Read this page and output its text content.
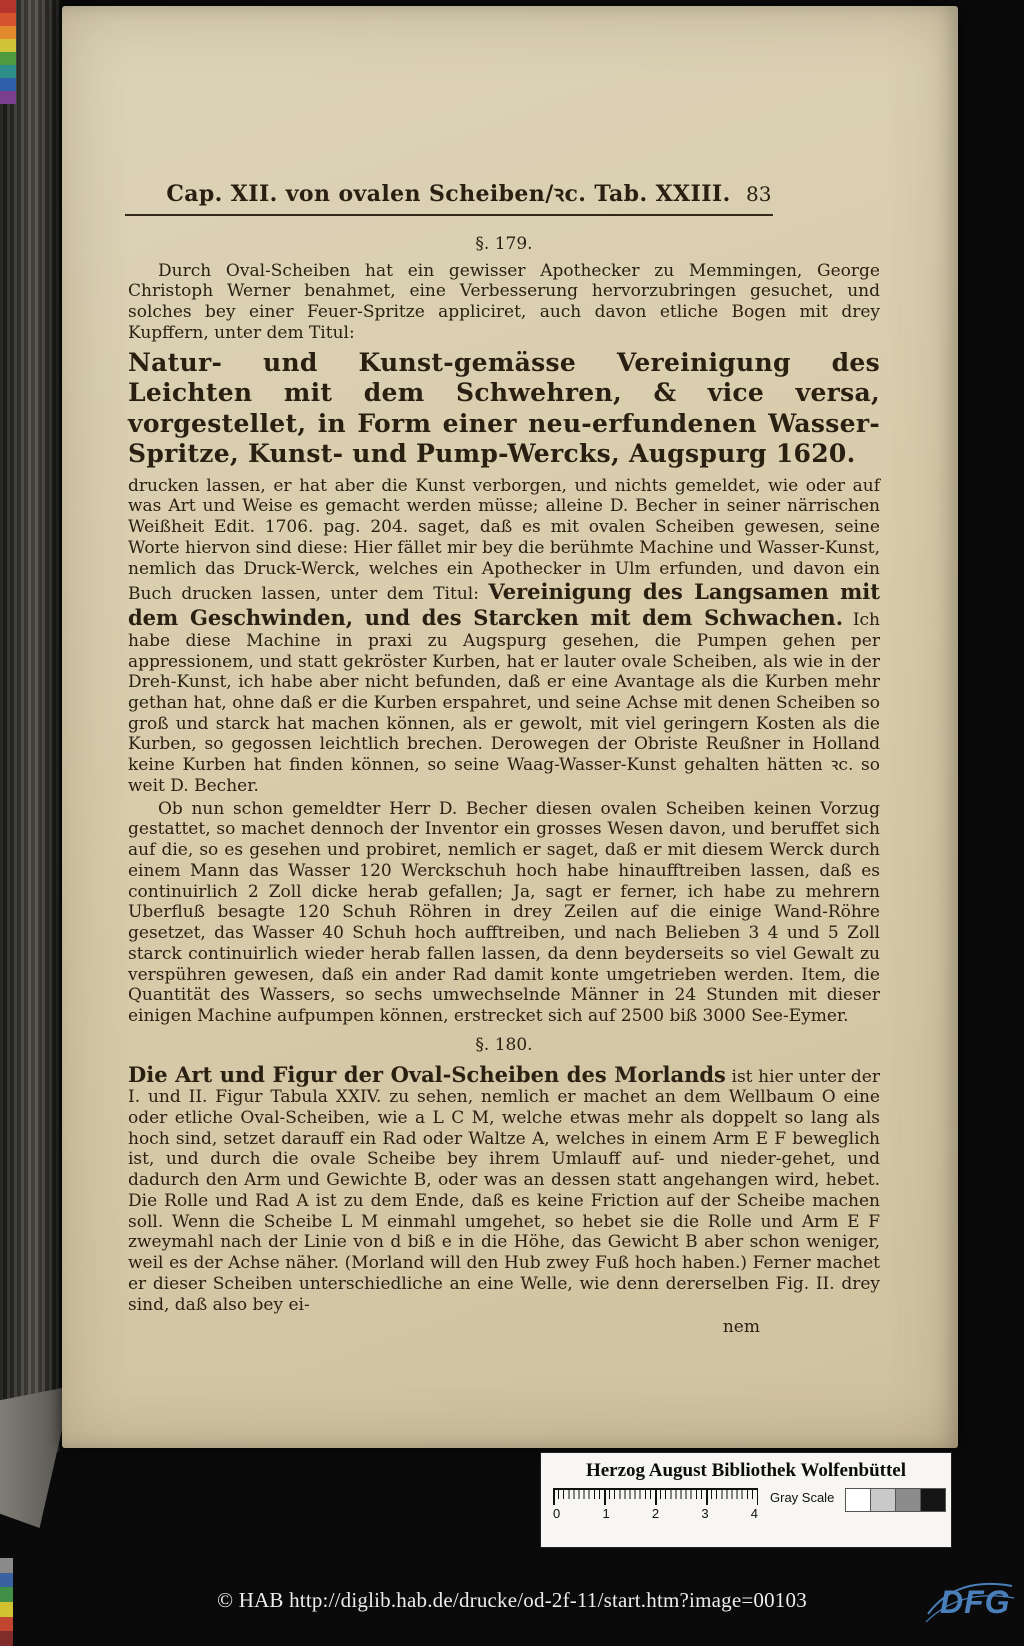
Cap. XII. von ovalen Scheiben/ꝛc. Tab. XXIII. 83
§. 179.

Durch Oval-Scheiben hat ein gewisser Apothecker zu Memmingen, George Christoph Werner benahmet, eine Verbesserung hervorzubringen gesuchet, und solches bey einer Feuer-Spritze appliciret, auch davon etliche Bogen mit drey Kupffern, unter dem Titul:

Natur- und Kunst-gemässe Vereinigung des Leichten mit dem Schwehren, & vice versa, vorgestellet, in Form einer neu-erfundenen Wasser-Spritze, Kunst- und Pump-Wercks, Augspurg 1620.

drucken lassen, er hat aber die Kunst verborgen, und nichts gemeldet, wie oder auf was Art und Weise es gemacht werden müsse; alleine D. Becher in seiner närrischen Weißheit Edit. 1706. pag. 204. saget, daß es mit ovalen Scheiben gewesen, seine Worte hiervon sind diese: Hier fället mir bey die berühmte Machine und Wasser-Kunst, nemlich das Druck-Werck, welches ein Apothecker in Ulm erfunden, und davon ein Buch drucken lassen, unter dem Titul: Vereinigung des Langsamen mit dem Geschwinden, und des Starcken mit dem Schwachen. Ich habe diese Machine in praxi zu Augspurg gesehen, die Pumpen gehen per appressionem, und statt gekröster Kurben, hat er lauter ovale Scheiben, als wie in der Dreh-Kunst, ich habe aber nicht befunden, daß er eine Avantage als die Kurben mehr gethan hat, ohne daß er die Kurben erspahret, und seine Achse mit denen Scheiben so groß und starck hat machen können, als er gewolt, mit viel geringern Kosten als die Kurben, so gegossen leichtlich brechen. Derowegen der Obriste Reußner in Holland keine Kurben hat finden können, so seine Waag-Wasser-Kunst gehalten hätten ꝛc. so weit D. Becher.

Ob nun schon gemeldter Herr D. Becher diesen ovalen Scheiben keinen Vorzug gestattet, so machet dennoch der Inventor ein grosses Wesen davon, und beruffet sich auf die, so es gesehen und probiret, nemlich er saget, daß er mit diesem Werck durch einem Mann das Wasser 120 Werckschuh hoch habe hinaufftreiben lassen, daß es continuirlich 2 Zoll dicke herab gefallen; Ja, sagt er ferner, ich habe zu mehrern Uberfluß besagte 120 Schuh Röhren in drey Zeilen auf die einige Wand-Röhre gesetzet, das Wasser 40 Schuh hoch aufftreiben, und nach Belieben 3 4 und 5 Zoll starck continuirlich wieder herab fallen lassen, da denn beyderseits so viel Gewalt zu verspühren gewesen, daß ein ander Rad damit konte umgetrieben werden. Item, die Quantität des Wassers, so sechs umwechselnde Männer in 24 Stunden mit dieser einigen Machine aufpumpen können, erstrecket sich auf 2500 biß 3000 See-Eymer.

§. 180.

Die Art und Figur der Oval-Scheiben des Morlands ist hier unter der I. und II. Figur Tabula XXIV. zu sehen, nemlich er machet an dem Wellbaum O eine oder etliche Oval-Scheiben, wie a L C M, welche etwas mehr als doppelt so lang als hoch sind, setzet darauff ein Rad oder Waltze A, welches in einem Arm E F beweglich ist, und durch die ovale Scheibe bey ihrem Umlauff auf- und nieder-gehet, und dadurch den Arm und Gewichte B, oder was an dessen statt angehangen wird, hebet. Die Rolle und Rad A ist zu dem Ende, daß es keine Friction auf der Scheibe machen soll. Wenn die Scheibe L M einmahl umgehet, so hebet sie die Rolle und Arm E F zweymahl nach der Linie von d biß e in die Höhe, das Gewicht B aber schon weniger, weil es der Achse näher. (Morland will den Hub zwey Fuß hoch haben.) Ferner machet er dieser Scheiben unterschiedliche an eine Welle, wie denn dererselben Fig. II. drey sind, daß also bey ei-

nem
Herzog August Bibliothek Wolfenbüttel
0	1	2	3	4
Gray Scale
© HAB http://diglib.hab.de/drucke/od-2f-11/start.htm?image=00103	DFG
